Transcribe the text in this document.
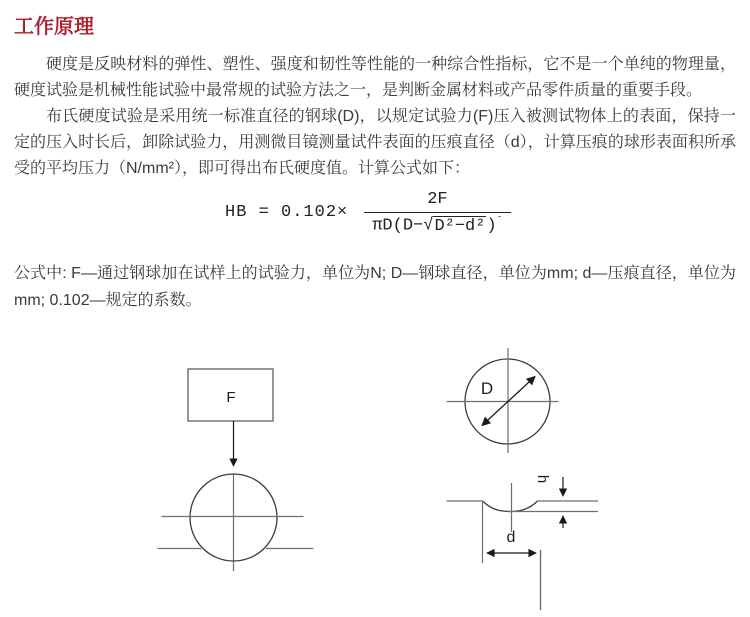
工作原理

硬度是反映材料的弹性、塑性、强度和韧性等性能的一种综合性指标，它不是一个单纯的物理量，硬度试验是机械性能试验中最常规的试验方法之一，是判断金属材料或产品零件质量的重要手段。

布氏硬度试验是采用统一标准直径的钢球(D)，以规定试验力(F)压入被测试物体上的表面，保持一定的压入时长后，卸除试验力，用测微目镜测量试件表面的压痕直径（d），计算压痕的球形表面积所承受的平均压力（N/mm²），即可得出布氏硬度值。计算公式如下：

HB = $0.102\times \frac{2F}{\pi D(D-√D^2-d^2)^ˉ}$

公式中: F—通过钢球加在试样上的试验力，单位为N; D—钢球直径，单位为mm; d—压痕直径，单位为mm; 0.102—规定的系数。

F	D
h
d
